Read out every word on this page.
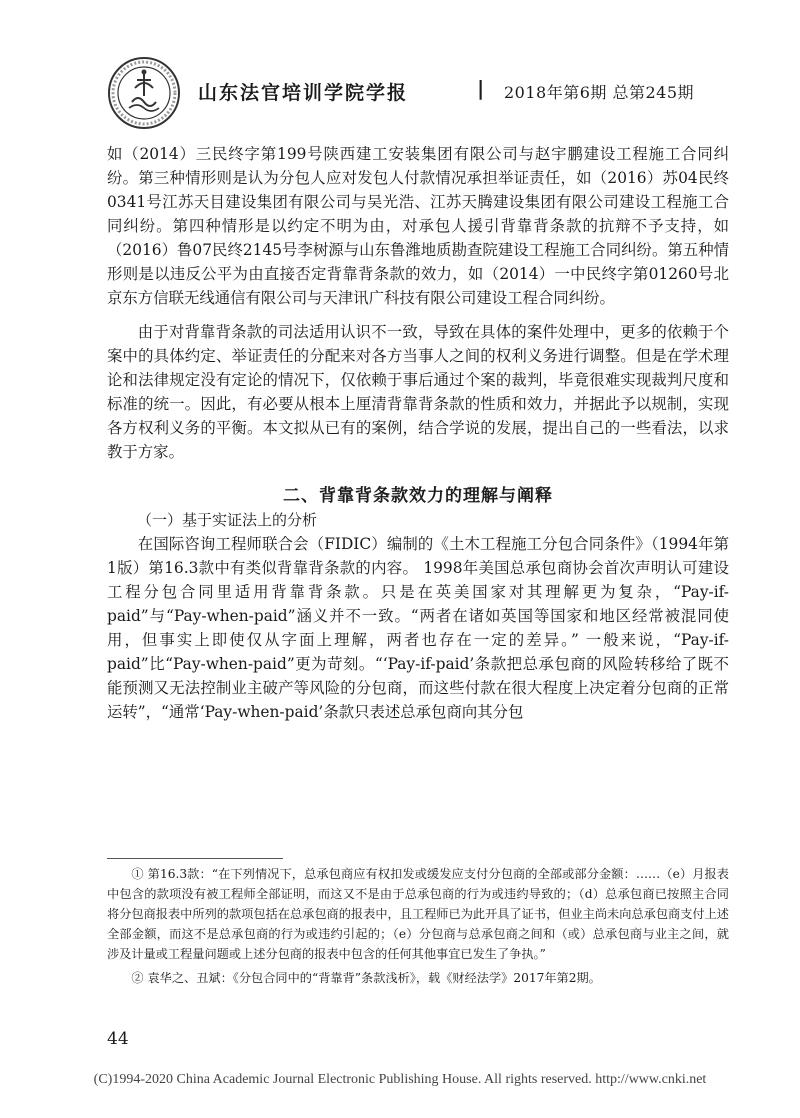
山东法官培训学院学报	| 2018年第6期 总第245期

如（2014）三民终字第199号陕西建工安装集团有限公司与赵宇鹏建设工程施工合同纠纷。第三种情形则是认为分包人应对发包人付款情况承担举证责任，如（2016）苏04民终0341号江苏天目建设集团有限公司与吴光浩、江苏天腾建设集团有限公司建设工程施工合同纠纷。第四种情形是以约定不明为由，对承包人援引背靠背条款的抗辩不予支持，如（2016）鲁07民终2145号李树源与山东鲁潍地质勘查院建设工程施工合同纠纷。第五种情形则是以违反公平为由直接否定背靠背条款的效力，如（2014）一中民终字第01260号北京东方信联无线通信有限公司与天津讯广科技有限公司建设工程合同纠纷。

由于对背靠背条款的司法适用认识不一致，导致在具体的案件处理中，更多的依赖于个案中的具体约定、举证责任的分配来对各方当事人之间的权利义务进行调整。但是在学术理论和法律规定没有定论的情况下，仅依赖于事后通过个案的裁判，毕竟很难实现裁判尺度和标准的统一。因此，有必要从根本上厘清背靠背条款的性质和效力，并据此予以规制，实现各方权利义务的平衡。本文拟从已有的案例，结合学说的发展，提出自己的一些看法，以求教于方家。

二、背靠背条款效力的理解与阐释

（一）基于实证法上的分析

在国际咨询工程师联合会（FIDIC）编制的《土木工程施工分包合同条件》（1994年第1版）第16.3款中有类似背靠背条款的内容。 1998年美国总承包商协会首次声明认可建设工程分包合同里适用背靠背条款。只是在英美国家对其理解更为复杂，“Pay-if-paid”与“Pay-when-paid”涵义并不一致。“两者在诸如英国等国家和地区经常被混同使用，但事实上即使仅从字面上理解，两者也存在一定的差异。” 一般来说，“Pay-if-paid”比“Pay-when-paid”更为苛刻。“‘Pay-if-paid’条款把总承包商的风险转移给了既不能预测又无法控制业主破产等风险的分包商，而这些付款在很大程度上决定着分包商的正常运转”，“通常‘Pay-when-paid’条款只表述总承包商向其分包

① 第16.3款：“在下列情况下，总承包商应有权扣发或缓发应支付分包商的全部或部分金额：……（e）月报表中包含的款项没有被工程师全部证明，而这又不是由于总承包商的行为或违约导致的；（d）总承包商已按照主合同将分包商报表中所列的款项包括在总承包商的报表中，且工程师已为此开具了证书，但业主尚未向总承包商支付上述全部金额，而这不是总承包商的行为或违约引起的；（e）分包商与总承包商之间和（或）总承包商与业主之间，就涉及计量或工程量问题或上述分包商的报表中包含的任何其他事宜已发生了争执。”

② 袁华之、丑斌：《分包合同中的“背靠背”条款浅析》，载《财经法学》2017年第2期。

44
(C)1994-2020 China Academic Journal Electronic Publishing House. All rights reserved. http://www.cnki.net
